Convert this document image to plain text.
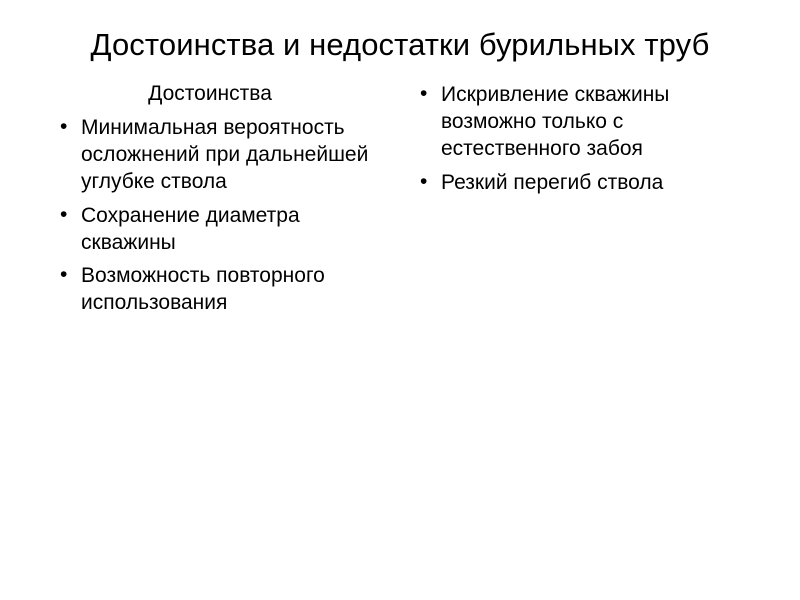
Достоинства и недостатки бурильных труб
Достоинства
• Минимальная вероятность осложнений при дальнейшей углубке ствола
• Сохранение диаметра скважины
• Возможность повторного использования
• Искривление скважины возможно только с естественного забоя
• Резкий перегиб ствола
